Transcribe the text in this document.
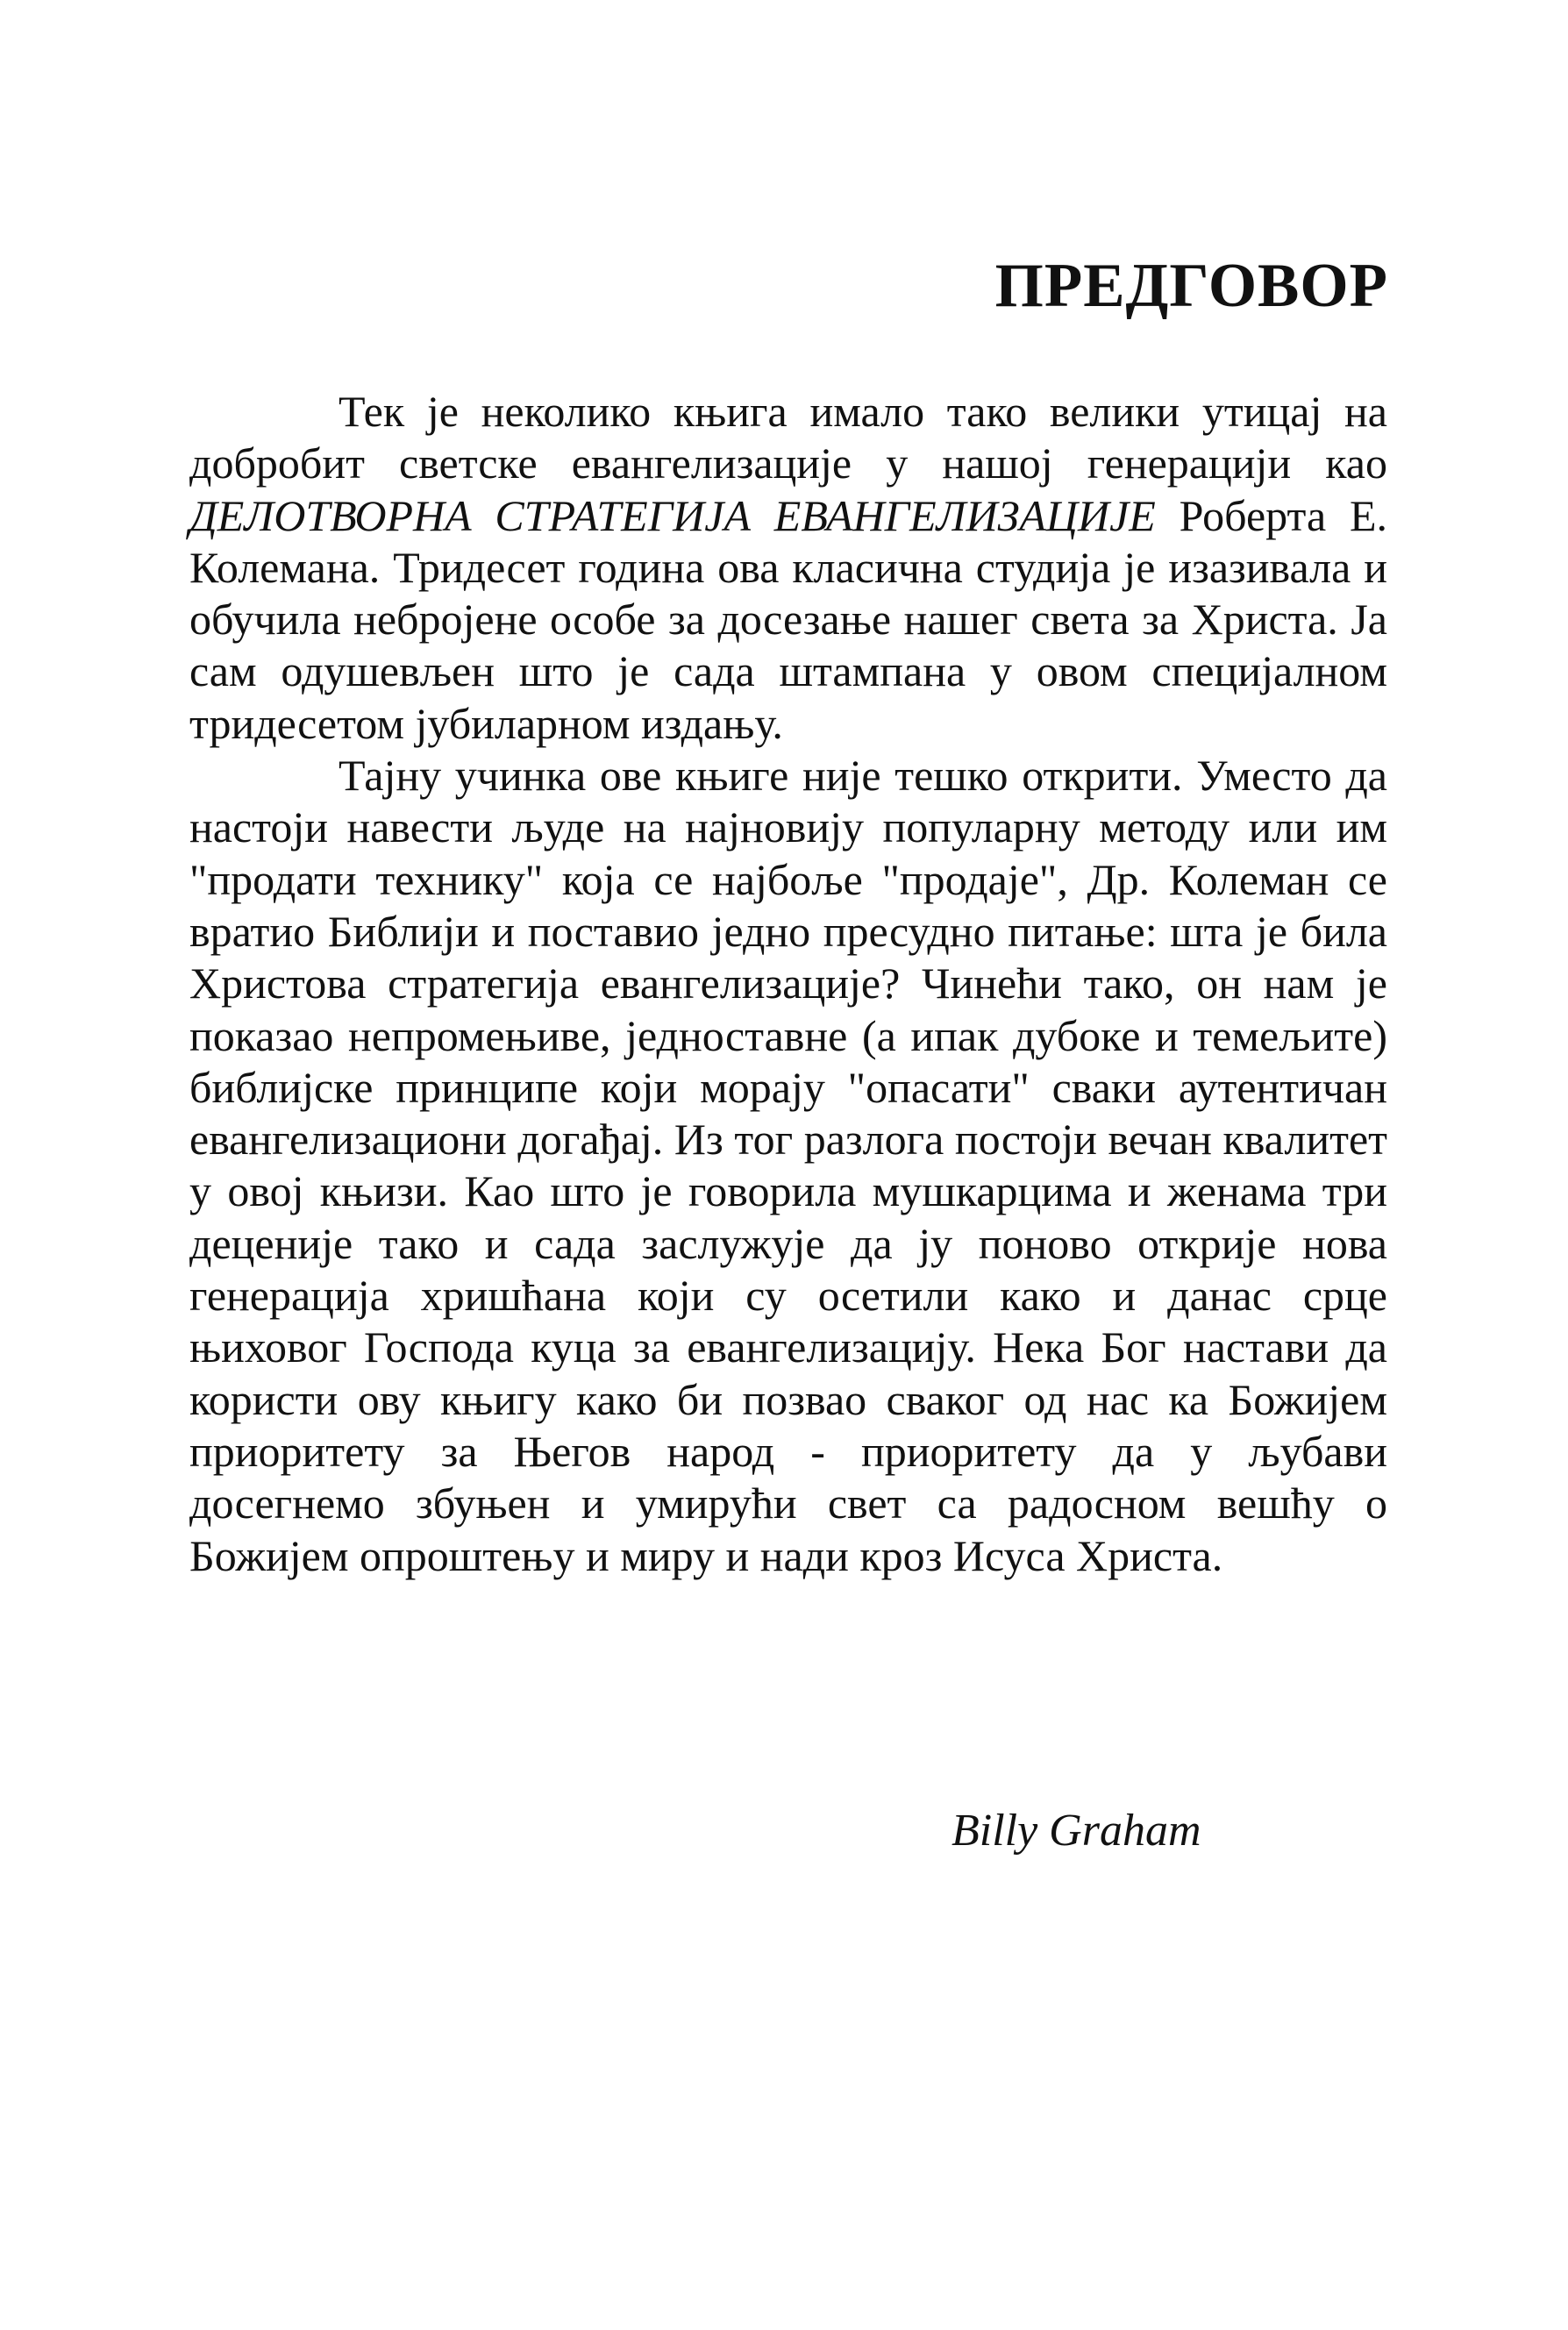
ПРЕДГОВОР

Тек је неколико књига имало тако велики утицај на добробит светске евангелизације у нашој генерацији као ДЕЛОТВОРНА СТРАТЕГИЈА ЕВАНГЕЛИЗАЦИЈЕ Роберта Е. Колемана. Тридесет година ова класична студија је изазивала и обучила небројене особе за досезање нашег света за Христа. Ја сам одушевљен што је сада штампана у овом специјалном тридесетом јубиларном издању.

Тајну учинка ове књиге није тешко открити. Уместо да настоји навести људе на најновију популарну методу или им "продати технику" која се најбоље "продаје", Др. Колеман се вратио Библији и поставио једно пресудно питање: шта је била Христова стратегија евангелизације? Чинећи тако, он нам је показао непромењиве, једноставне (а ипак дубоке и темељите) библијске принципе који морају "опасати" сваки аутентичан евангелизациони догађај. Из тог разлога постоји вечан квалитет у овој књизи. Као што је говорила мушкарцима и женама три деценије тако и сада заслужује да ју поново открије нова генерација хришћана који су осетили како и данас срце њиховог Господа куца за евангелизацију. Нека Бог настави да користи ову књигу како би позвао сваког од нас ка Божијем приоритету за Његов народ - приоритету да у љубави досегнемо збуњен и умирући свет са радосном вешћу о Божијем опроштењу и миру и нади кроз Исуса Христа.

Billy Graham
